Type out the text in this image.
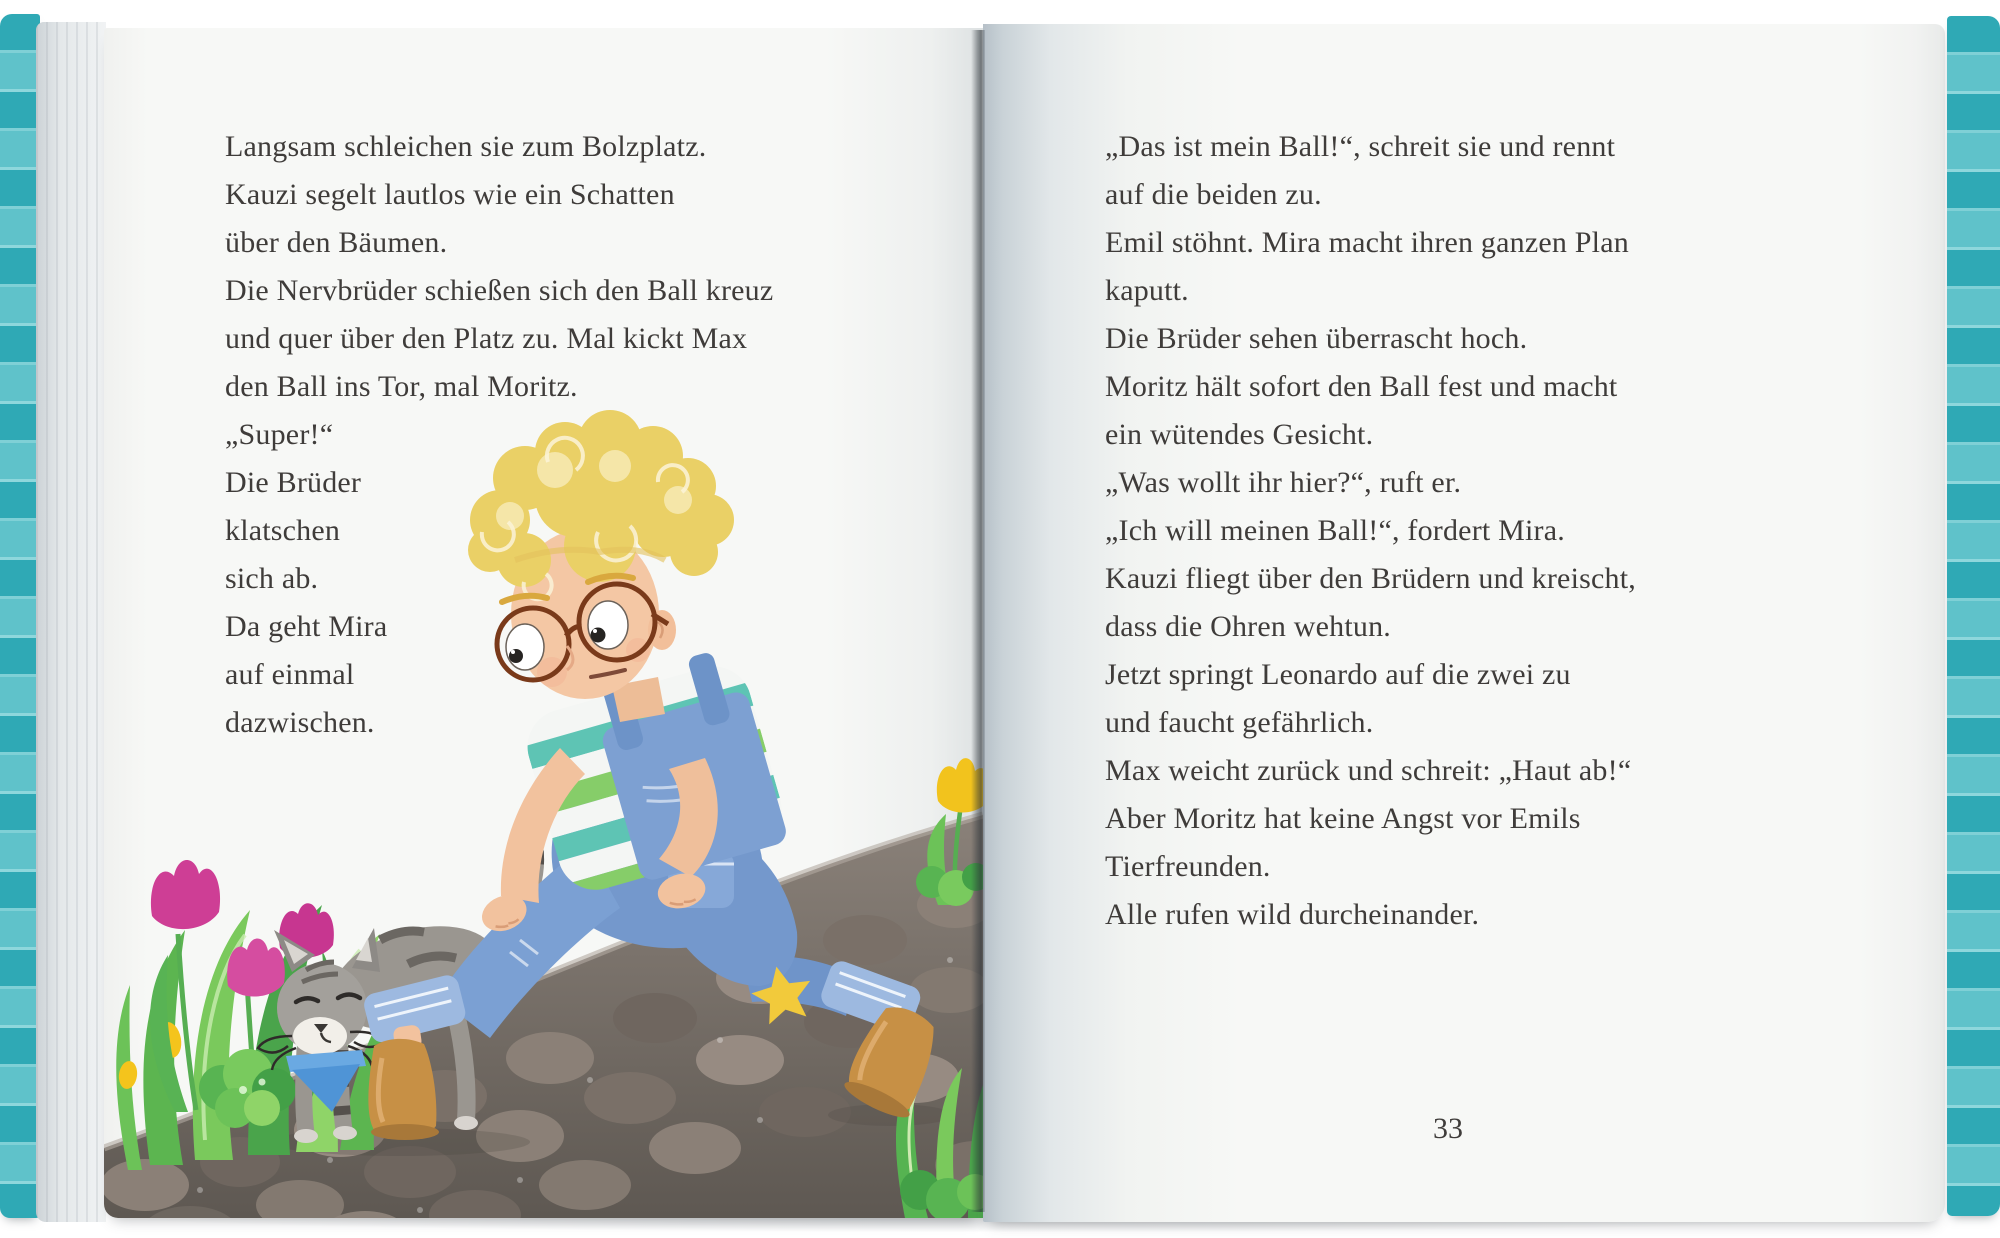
Langsam schleichen sie zum Bolzplatz.
Kauzi segelt lautlos wie ein Schatten
über den Bäumen.
Die Nervbrüder schießen sich den Ball kreuz
und quer über den Platz zu. Mal kickt Max
den Ball ins Tor, mal Moritz.
„Super!“
Die Brüder
klatschen
sich ab.
Da geht Mira
auf einmal
dazwischen.
„Das ist mein Ball!“, schreit sie und rennt
auf die beiden zu.
Emil stöhnt. Mira macht ihren ganzen Plan
kaputt.
Die Brüder sehen überrascht hoch.
Moritz hält sofort den Ball fest und macht
ein wütendes Gesicht.
„Was wollt ihr hier?“, ruft er.
„Ich will meinen Ball!“, fordert Mira.
Kauzi fliegt über den Brüdern und kreischt,
dass die Ohren wehtun.
Jetzt springt Leonardo auf die zwei zu
und faucht gefährlich.
Max weicht zurück und schreit: „Haut ab!“
Aber Moritz hat keine Angst vor Emils
Tierfreunden.
Alle rufen wild durcheinander.
33
